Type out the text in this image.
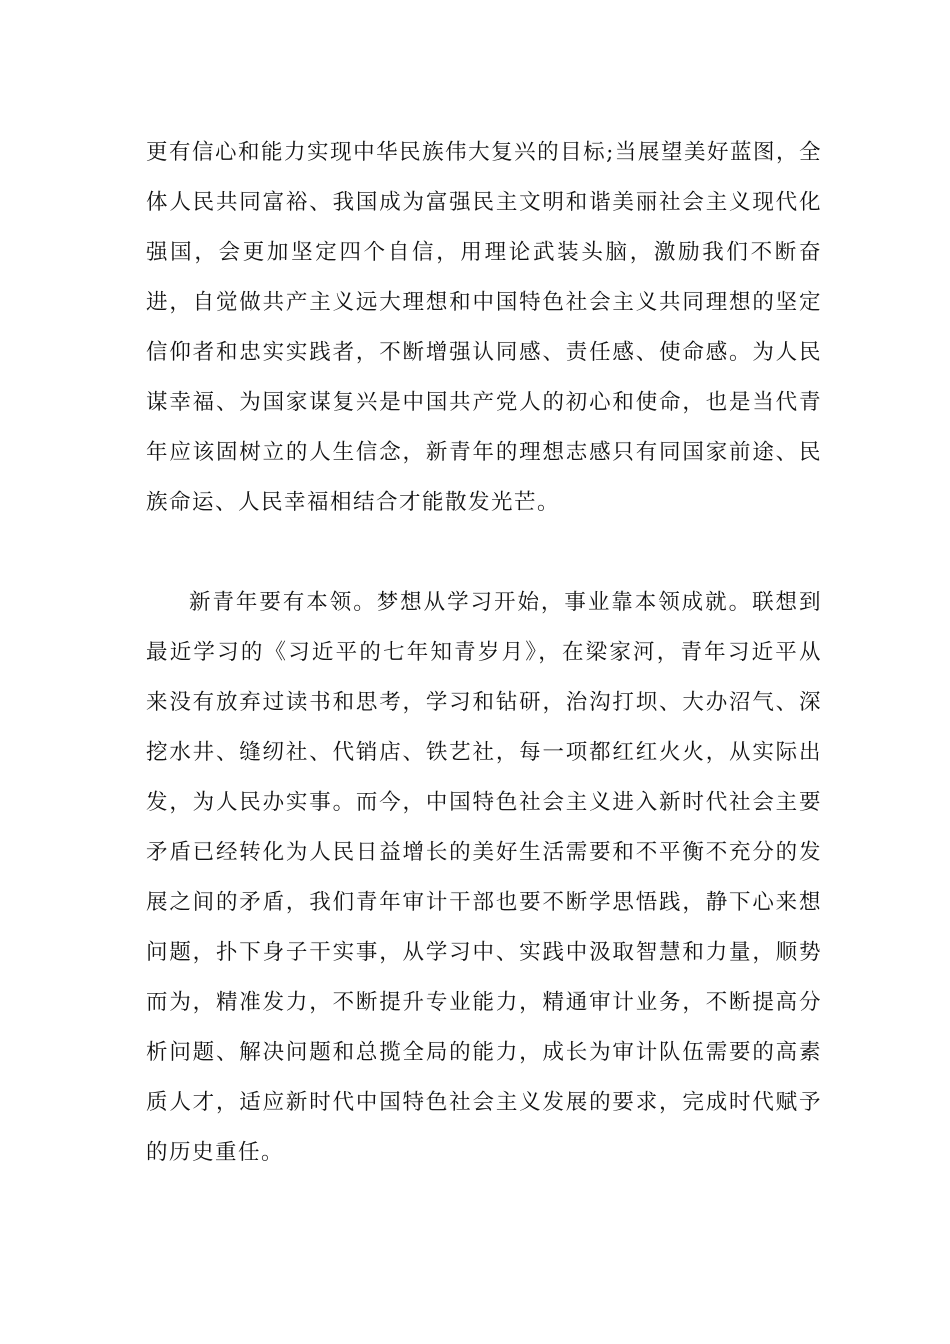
更有信心和能力实现中华民族伟大复兴的目标;当展望美好蓝图，全体人民共同富裕、我国成为富强民主文明和谐美丽社会主义现代化强国，会更加坚定四个自信，用理论武装头脑，激励我们不断奋进，自觉做共产主义远大理想和中国特色社会主义共同理想的坚定信仰者和忠实实践者，不断增强认同感、责任感、使命感。为人民谋幸福、为国家谋复兴是中国共产党人的初心和使命，也是当代青年应该固树立的人生信念，新青年的理想志感只有同国家前途、民族命运、人民幸福相结合才能散发光芒。

新青年要有本领。梦想从学习开始，事业靠本领成就。联想到最近学习的《习近平的七年知青岁月》，在梁家河，青年习近平从来没有放弃过读书和思考，学习和钻研，治沟打坝、大办沼气、深挖水井、缝纫社、代销店、铁艺社，每一项都红红火火，从实际出发，为人民办实事。而今，中国特色社会主义进入新时代社会主要矛盾已经转化为人民日益增长的美好生活需要和不平衡不充分的发展之间的矛盾，我们青年审计干部也要不断学思悟践，静下心来想问题，扑下身子干实事，从学习中、实践中汲取智慧和力量，顺势而为，精准发力，不断提升专业能力，精通审计业务，不断提高分析问题、解决问题和总揽全局的能力，成长为审计队伍需要的高素质人才，适应新时代中国特色社会主义发展的要求，完成时代赋予的历史重任。
